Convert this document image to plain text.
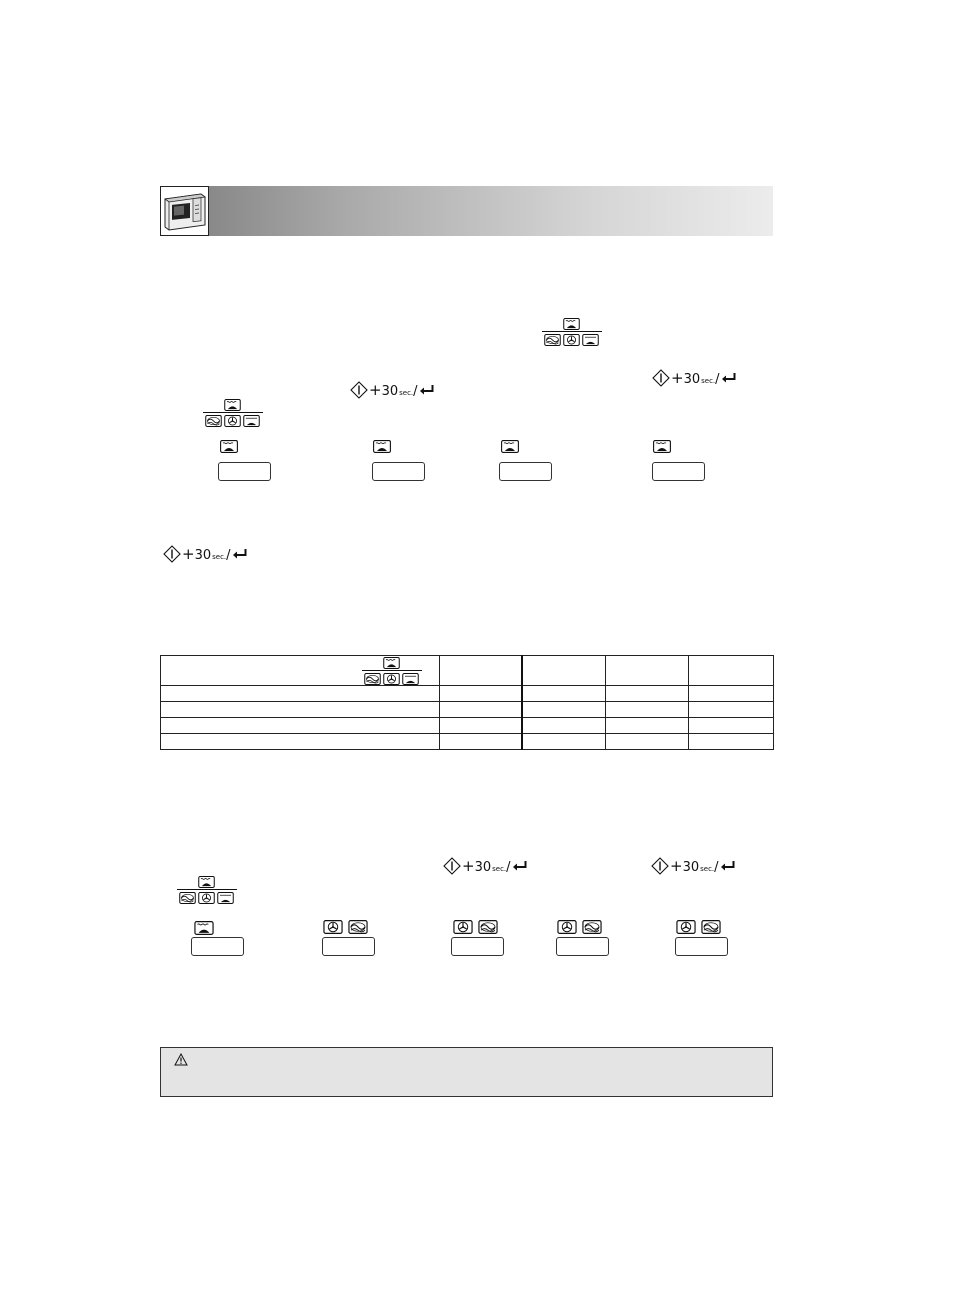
+30sec./
+30sec./
+30sec./

+30sec./	+30sec./
